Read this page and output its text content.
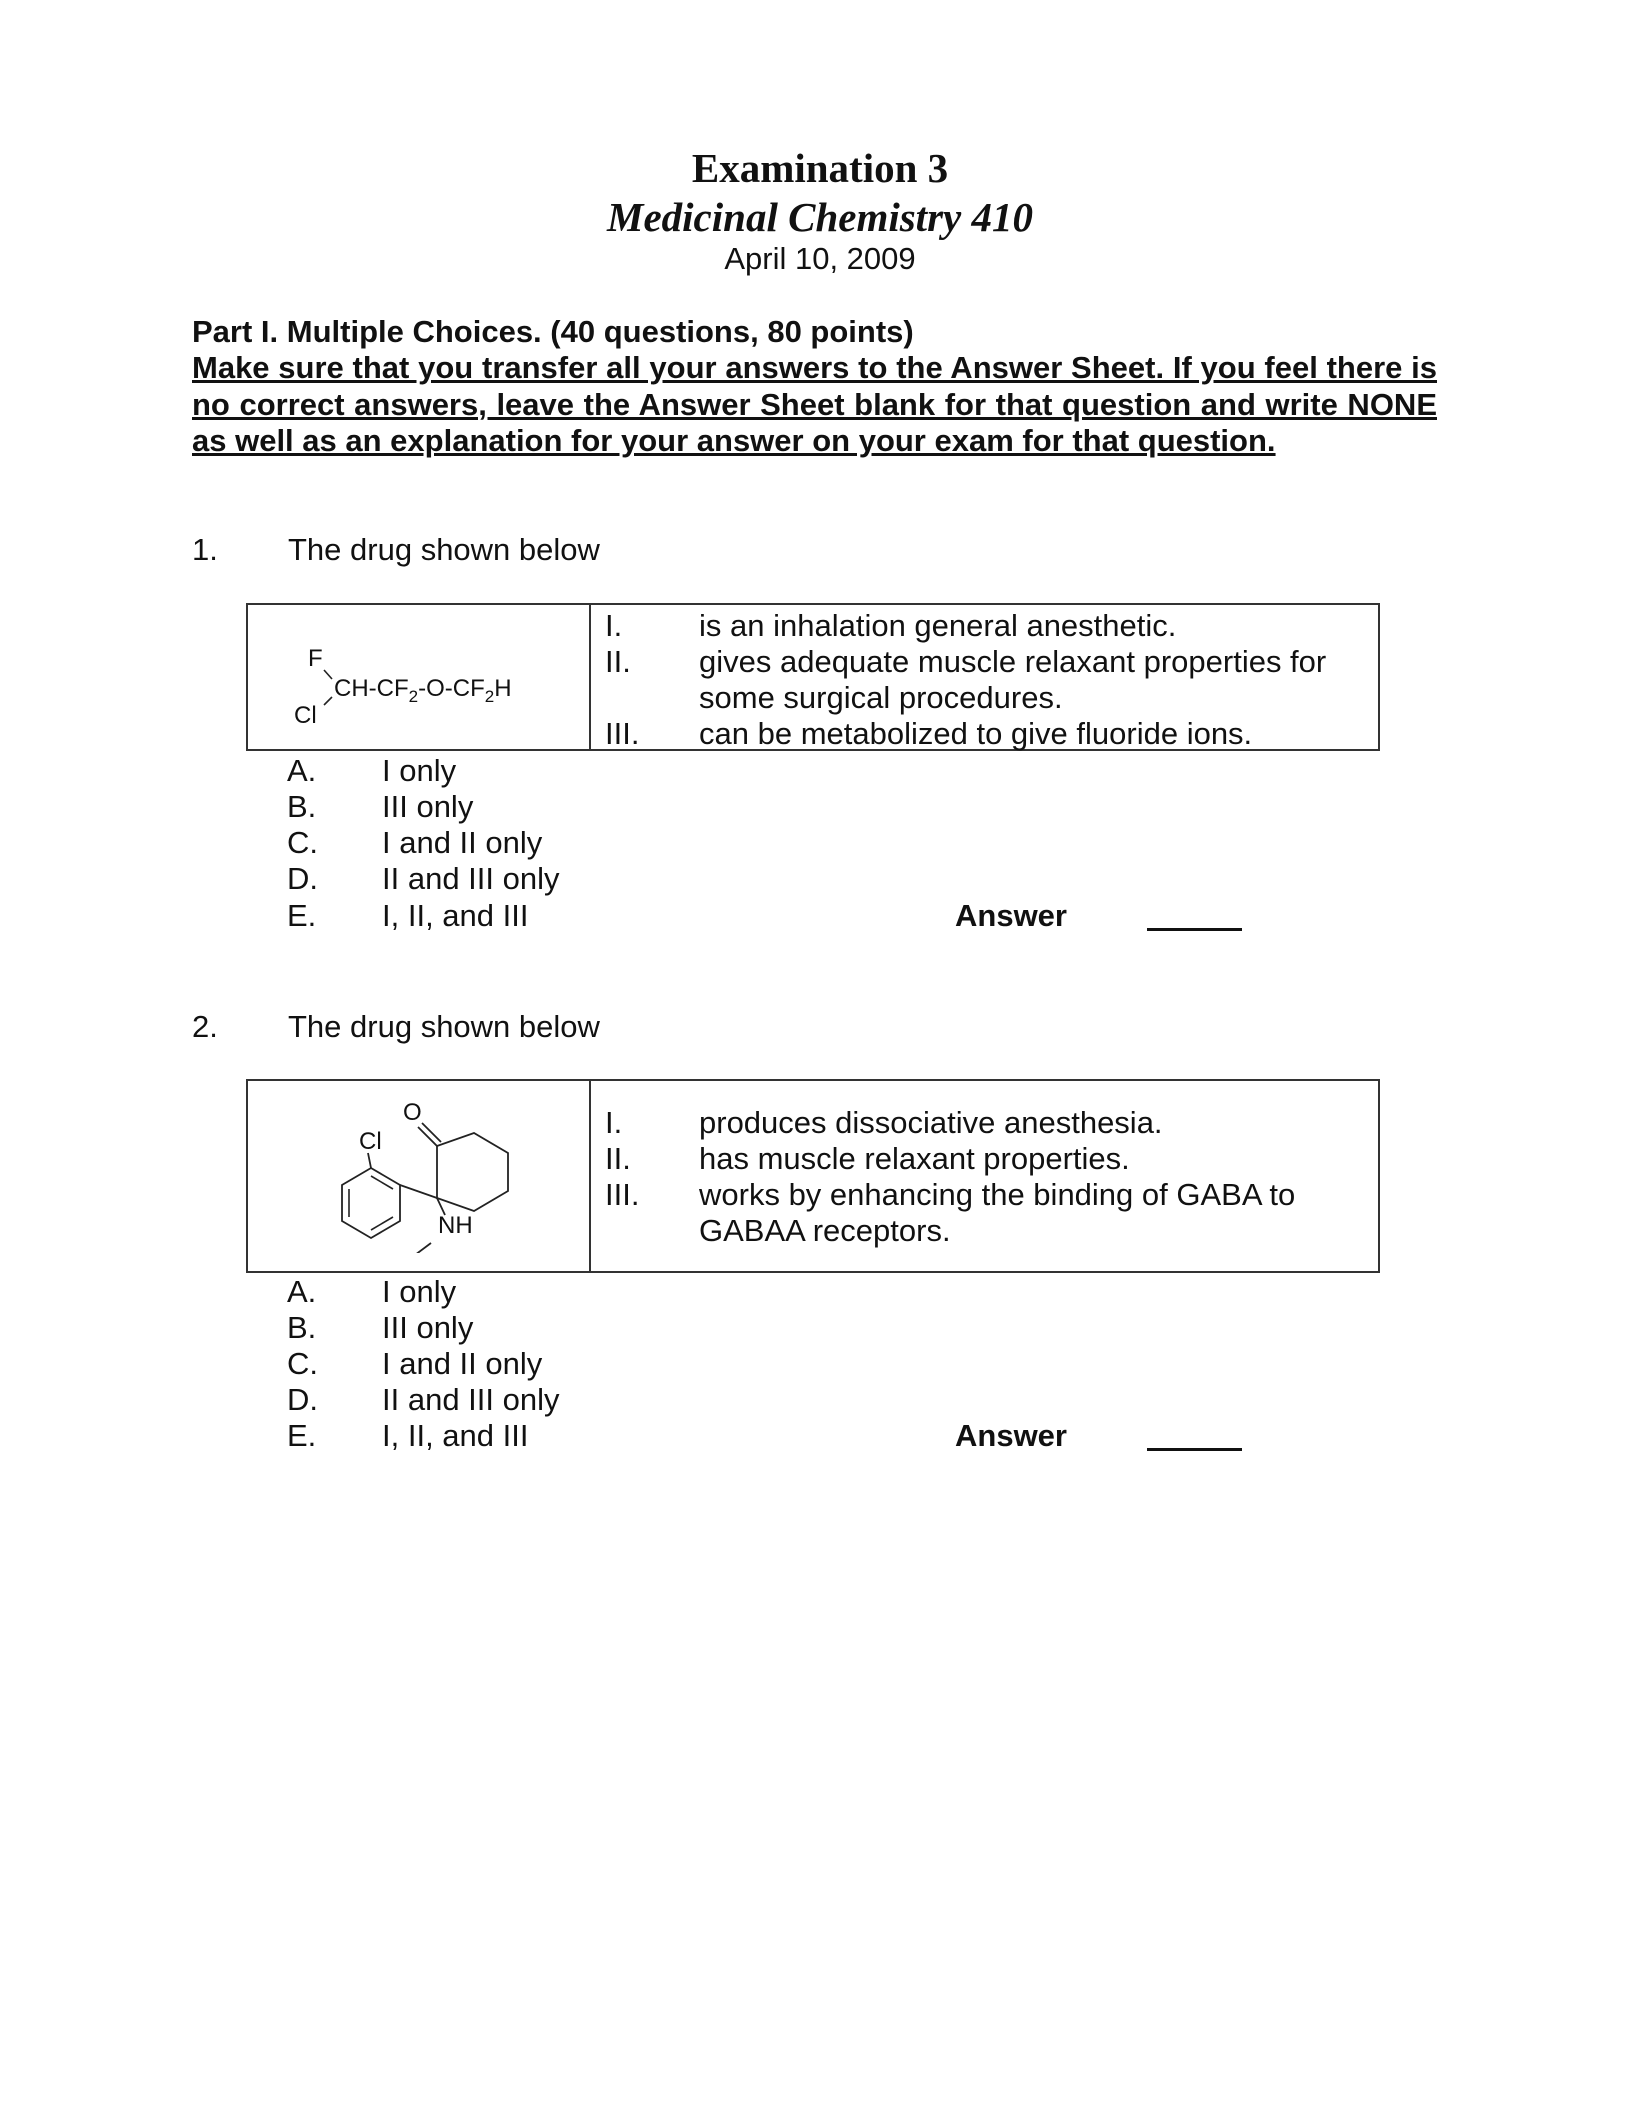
Examination 3
Medicinal Chemistry 410
April 10, 2009
Part I. Multiple Choices. (40 questions, 80 points)
Make sure that you transfer all your answers to the Answer Sheet. If you feel there is no correct answers, leave the Answer Sheet blank for that question and write NONE as well as an explanation for your answer on your exam for that question.
1. The drug shown below
F
Cl
$CH-CF_2-O-CF_2H$
I. is an inhalation general anesthetic.
II. gives adequate muscle relaxant properties for some surgical procedures.
III. can be metabolized to give fluoride ions.
A. I only
B. III only
C. I and II only
D. II and III only
E. I, II, and III	Answer
2. The drug shown below
O
Cl
NH
I. produces dissociative anesthesia.
II. has muscle relaxant properties.
III. works by enhancing the binding of GABA to GABAA receptors.
A. I only
B. III only
C. I and II only
D. II and III only
E. I, II, and III	Answer
